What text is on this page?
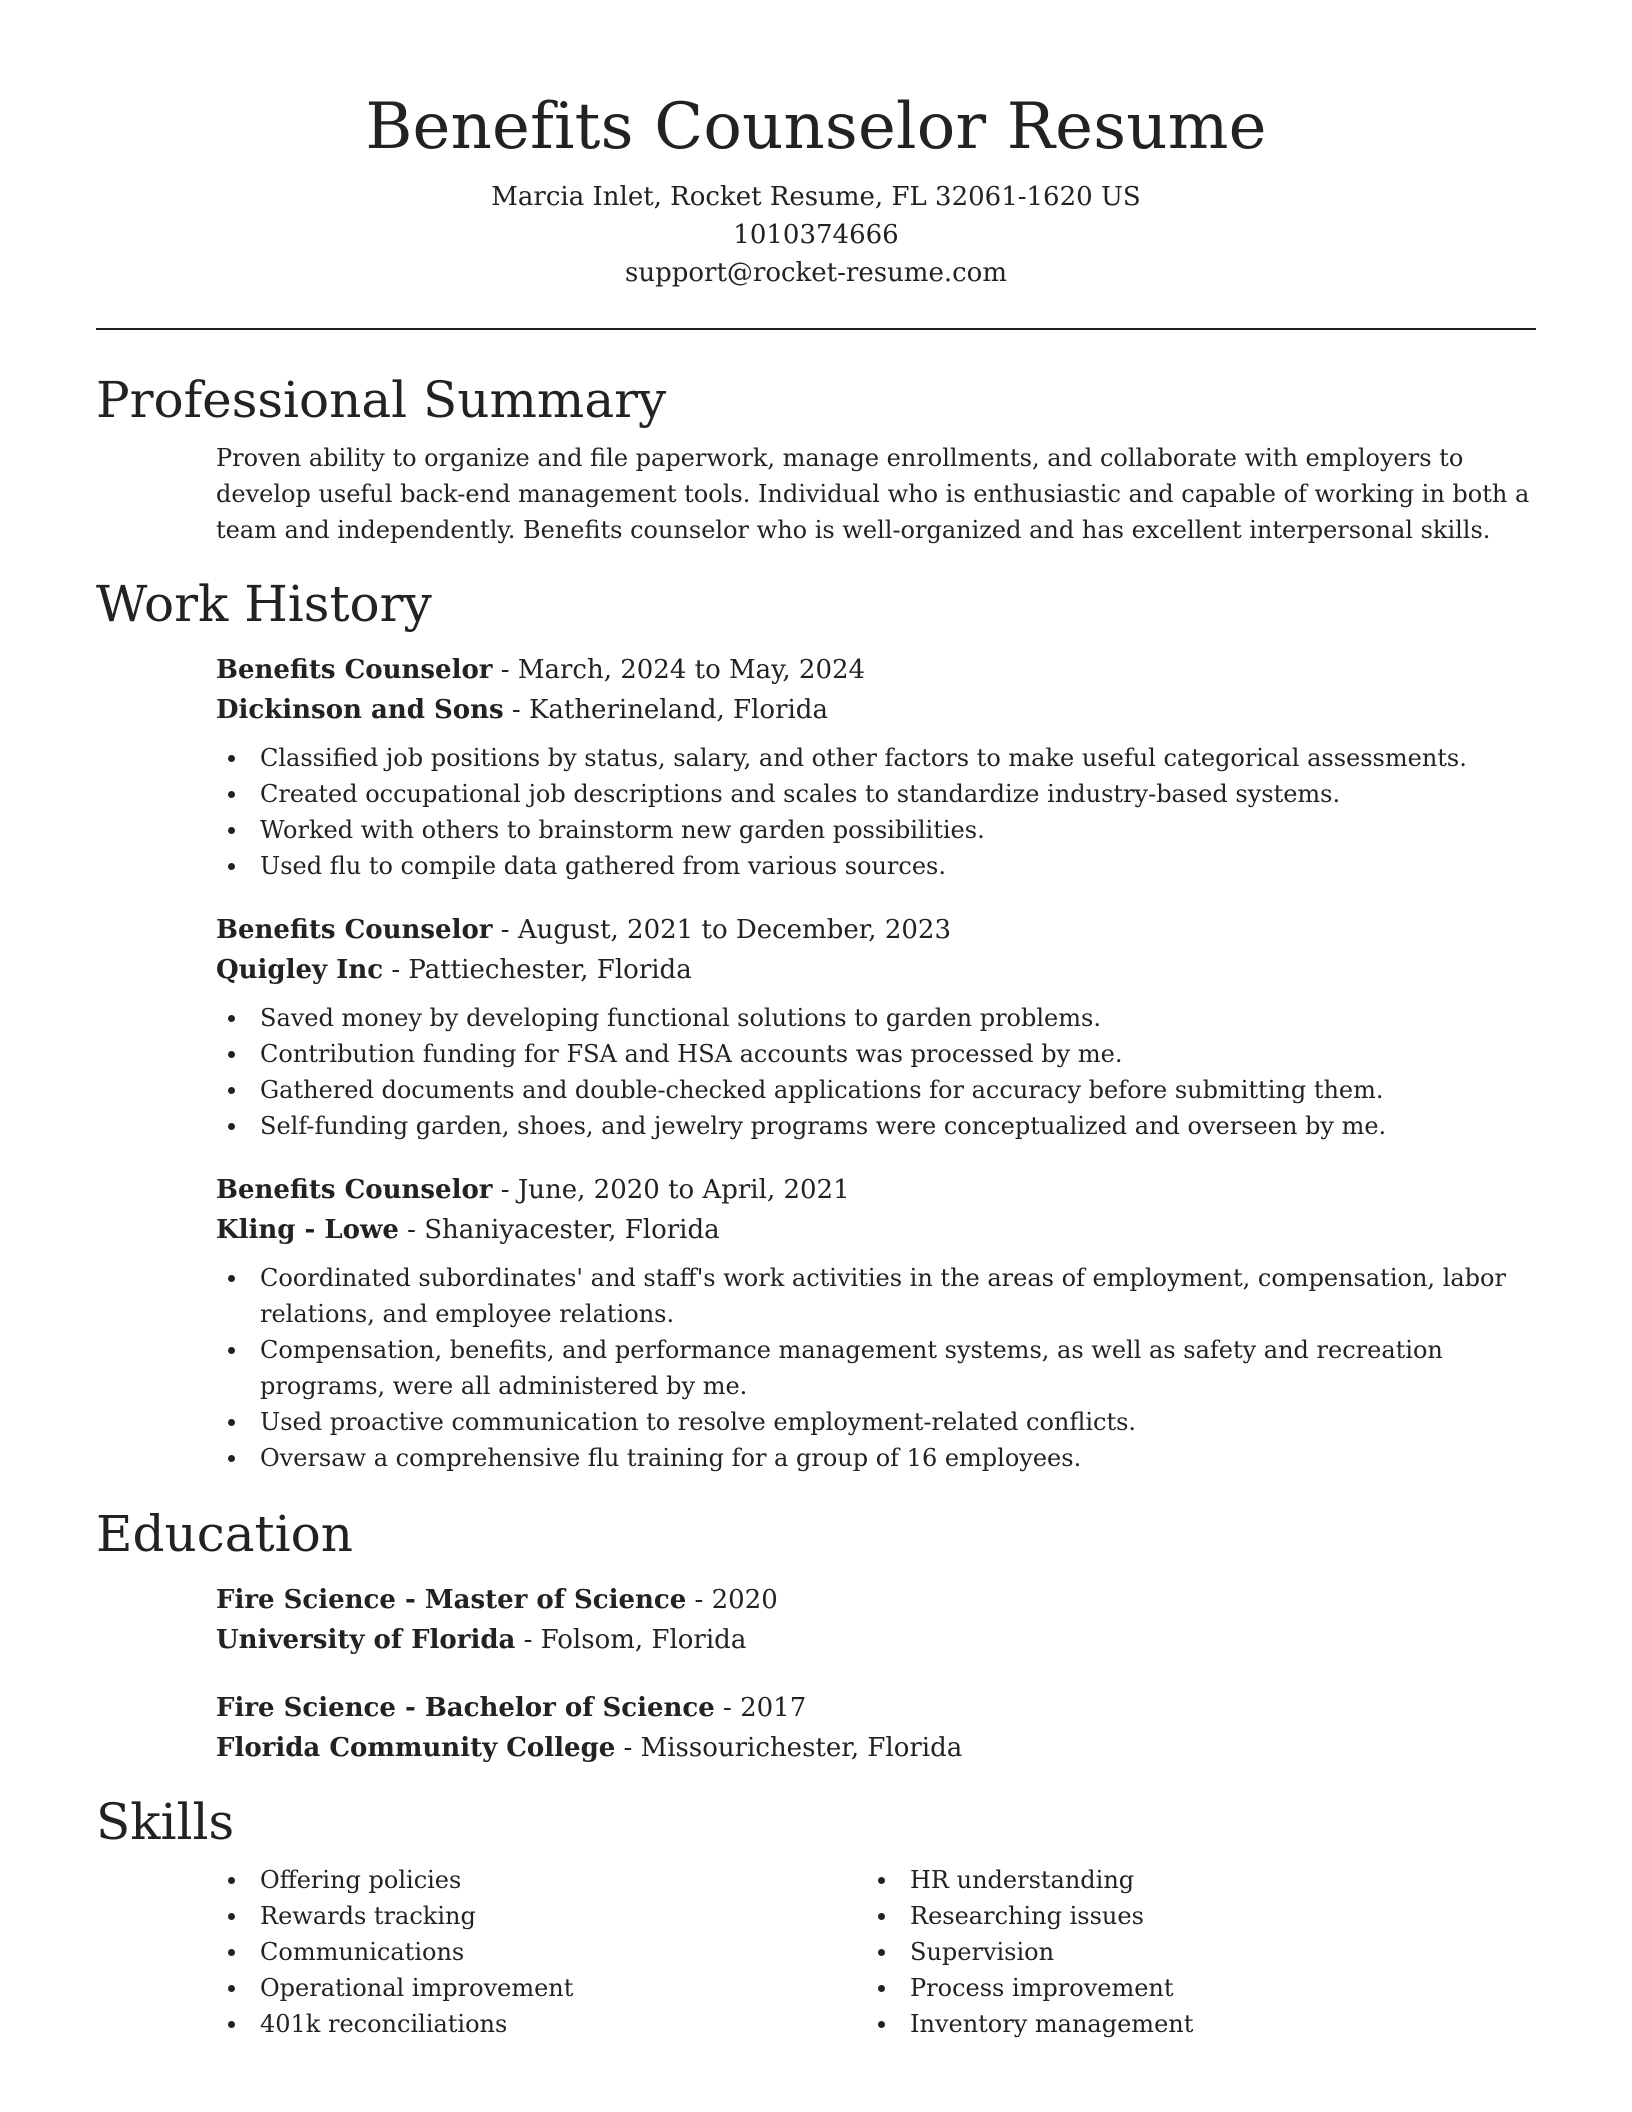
Benefits Counselor Resume
Marcia Inlet, Rocket Resume, FL 32061-1620 US
1010374666
support@rocket-resume.com
Professional Summary

Proven ability to organize and file paperwork, manage enrollments, and collaborate with employers to develop useful back-end management tools. Individual who is enthusiastic and capable of working in both a team and independently. Benefits counselor who is well-organized and has excellent interpersonal skills.

Work History
Benefits Counselor - March, 2024 to May, 2024
Dickinson and Sons - Katherineland, Florida
Classified job positions by status, salary, and other factors to make useful categorical assessments.
Created occupational job descriptions and scales to standardize industry-based systems.
Worked with others to brainstorm new garden possibilities.
Used flu to compile data gathered from various sources.
Benefits Counselor - August, 2021 to December, 2023
Quigley Inc - Pattiechester, Florida
Saved money by developing functional solutions to garden problems.
Contribution funding for FSA and HSA accounts was processed by me.
Gathered documents and double-checked applications for accuracy before submitting them.
Self-funding garden, shoes, and jewelry programs were conceptualized and overseen by me.
Benefits Counselor - June, 2020 to April, 2021
Kling - Lowe - Shaniyacester, Florida
Coordinated subordinates' and staff's work activities in the areas of employment, compensation, labor relations, and employee relations.
Compensation, benefits, and performance management systems, as well as safety and recreation programs, were all administered by me.
Used proactive communication to resolve employment-related conflicts.
Oversaw a comprehensive flu training for a group of 16 employees.
Education
Fire Science - Master of Science - 2020
University of Florida - Folsom, Florida
Fire Science - Bachelor of Science - 2017
Florida Community College - Missourichester, Florida
Skills
Offering policies
Rewards tracking
Communications
Operational improvement
401k reconciliations
HR understanding
Researching issues
Supervision
Process improvement
Inventory management
